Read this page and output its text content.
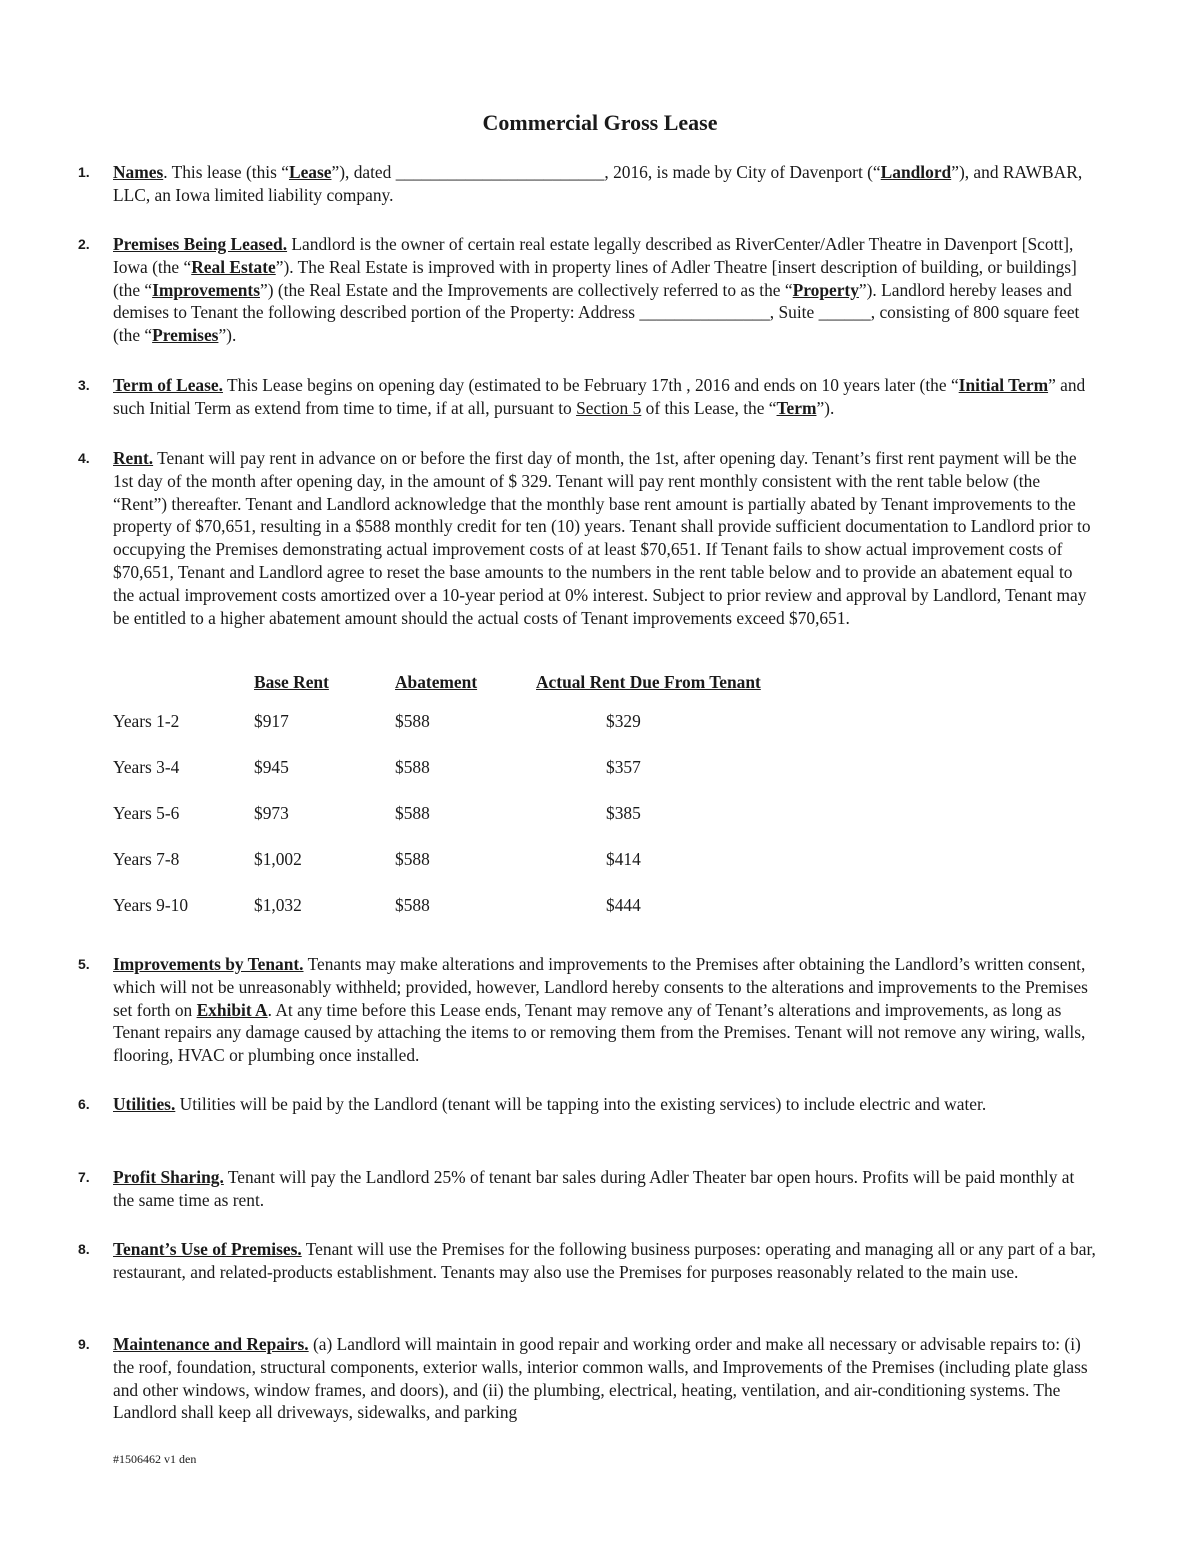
Commercial Gross Lease
1.	Names. This lease (this “Lease”), dated ________________________, 2016, is made by City of Davenport (“Landlord”), and RAWBAR, LLC, an Iowa limited liability company.
2.	Premises Being Leased. Landlord is the owner of certain real estate legally described as RiverCenter/Adler Theatre in Davenport [Scott], Iowa (the “Real Estate”). The Real Estate is improved with in property lines of Adler Theatre [insert description of building, or buildings] (the “Improvements”) (the Real Estate and the Improvements are collectively referred to as the “Property”). Landlord hereby leases and demises to Tenant the following described portion of the Property: Address _______________, Suite ______, consisting of 800 square feet (the “Premises”).
3.	Term of Lease. This Lease begins on opening day (estimated to be February 17th , 2016 and ends on 10 years later (the “Initial Term” and such Initial Term as extend from time to time, if at all, pursuant to Section 5 of this Lease, the “Term”).
4.	Rent. Tenant will pay rent in advance on or before the first day of month, the 1st, after opening day. Tenant’s first rent payment will be the 1st day of the month after opening day, in the amount of $ 329. Tenant will pay rent monthly consistent with the rent table below (the “Rent”) thereafter. Tenant and Landlord acknowledge that the monthly base rent amount is partially abated by Tenant improvements to the property of $70,651, resulting in a $588 monthly credit for ten (10) years. Tenant shall provide sufficient documentation to Landlord prior to occupying the Premises demonstrating actual improvement costs of at least $70,651. If Tenant fails to show actual improvement costs of $70,651, Tenant and Landlord agree to reset the base amounts to the numbers in the rent table below and to provide an abatement equal to the actual improvement costs amortized over a 10-year period at 0% interest. Subject to prior review and approval by Landlord, Tenant may be entitled to a higher abatement amount should the actual costs of Tenant improvements exceed $70,651.
	Base Rent	Abatement	Actual Rent Due From Tenant
Years 1-2	$917	$588	$329
Years 3-4	$945	$588	$357
Years 5-6	$973	$588	$385
Years 7-8	$1,002	$588	$414
Years 9-10	$1,032	$588	$444
5.	Improvements by Tenant. Tenants may make alterations and improvements to the Premises after obtaining the Landlord’s written consent, which will not be unreasonably withheld; provided, however, Landlord hereby consents to the alterations and improvements to the Premises set forth on Exhibit A. At any time before this Lease ends, Tenant may remove any of Tenant’s alterations and improvements, as long as Tenant repairs any damage caused by attaching the items to or removing them from the Premises. Tenant will not remove any wiring, walls, flooring, HVAC or plumbing once installed.
6.	Utilities. Utilities will be paid by the Landlord (tenant will be tapping into the existing services) to include electric and water.
7.	Profit Sharing. Tenant will pay the Landlord 25% of tenant bar sales during Adler Theater bar open hours. Profits will be paid monthly at the same time as rent.
8.	Tenant’s Use of Premises. Tenant will use the Premises for the following business purposes: operating and managing all or any part of a bar, restaurant, and related-products establishment. Tenants may also use the Premises for purposes reasonably related to the main use.
9.	Maintenance and Repairs. (a) Landlord will maintain in good repair and working order and make all necessary or advisable repairs to: (i) the roof, foundation, structural components, exterior walls, interior common walls, and Improvements of the Premises (including plate glass and other windows, window frames, and doors), and (ii) the plumbing, electrical, heating, ventilation, and air-conditioning systems. The Landlord shall keep all driveways, sidewalks, and parking
#1506462 v1 den
